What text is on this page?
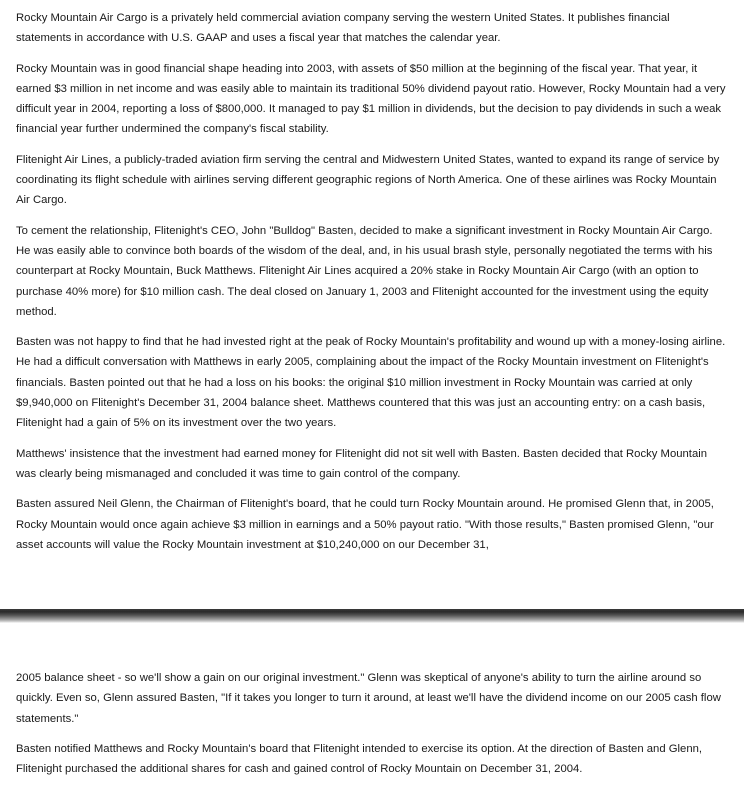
Rocky Mountain Air Cargo is a privately held commercial aviation company serving the western United States. It publishes financial statements in accordance with U.S. GAAP and uses a fiscal year that matches the calendar year.

Rocky Mountain was in good financial shape heading into 2003, with assets of $50 million at the beginning of the fiscal year. That year, it earned $3 million in net income and was easily able to maintain its traditional 50% dividend payout ratio. However, Rocky Mountain had a very difficult year in 2004, reporting a loss of $800,000. It managed to pay $1 million in dividends, but the decision to pay dividends in such a weak financial year further undermined the company's fiscal stability.

Flitenight Air Lines, a publicly-traded aviation firm serving the central and Midwestern United States, wanted to expand its range of service by coordinating its flight schedule with airlines serving different geographic regions of North America. One of these airlines was Rocky Mountain Air Cargo.

To cement the relationship, Flitenight's CEO, John "Bulldog" Basten, decided to make a significant investment in Rocky Mountain Air Cargo. He was easily able to convince both boards of the wisdom of the deal, and, in his usual brash style, personally negotiated the terms with his counterpart at Rocky Mountain, Buck Matthews. Flitenight Air Lines acquired a 20% stake in Rocky Mountain Air Cargo (with an option to purchase 40% more) for $10 million cash. The deal closed on January 1, 2003 and Flitenight accounted for the investment using the equity method.

Basten was not happy to find that he had invested right at the peak of Rocky Mountain's profitability and wound up with a money-losing airline. He had a difficult conversation with Matthews in early 2005, complaining about the impact of the Rocky Mountain investment on Flitenight's financials. Basten pointed out that he had a loss on his books: the original $10 million investment in Rocky Mountain was carried at only $9,940,000 on Flitenight's December 31, 2004 balance sheet. Matthews countered that this was just an accounting entry: on a cash basis, Flitenight had a gain of 5% on its investment over the two years.

Matthews' insistence that the investment had earned money for Flitenight did not sit well with Basten. Basten decided that Rocky Mountain was clearly being mismanaged and concluded it was time to gain control of the company.

Basten assured Neil Glenn, the Chairman of Flitenight's board, that he could turn Rocky Mountain around. He promised Glenn that, in 2005, Rocky Mountain would once again achieve $3 million in earnings and a 50% payout ratio. "With those results," Basten promised Glenn, "our asset accounts will value the Rocky Mountain investment at $10,240,000 on our December 31,

2005 balance sheet - so we'll show a gain on our original investment." Glenn was skeptical of anyone's ability to turn the airline around so quickly. Even so, Glenn assured Basten, "If it takes you longer to turn it around, at least we'll have the dividend income on our 2005 cash flow statements."

Basten notified Matthews and Rocky Mountain's board that Flitenight intended to exercise its option. At the direction of Basten and Glenn, Flitenight purchased the additional shares for cash and gained control of Rocky Mountain on December 31, 2004.
